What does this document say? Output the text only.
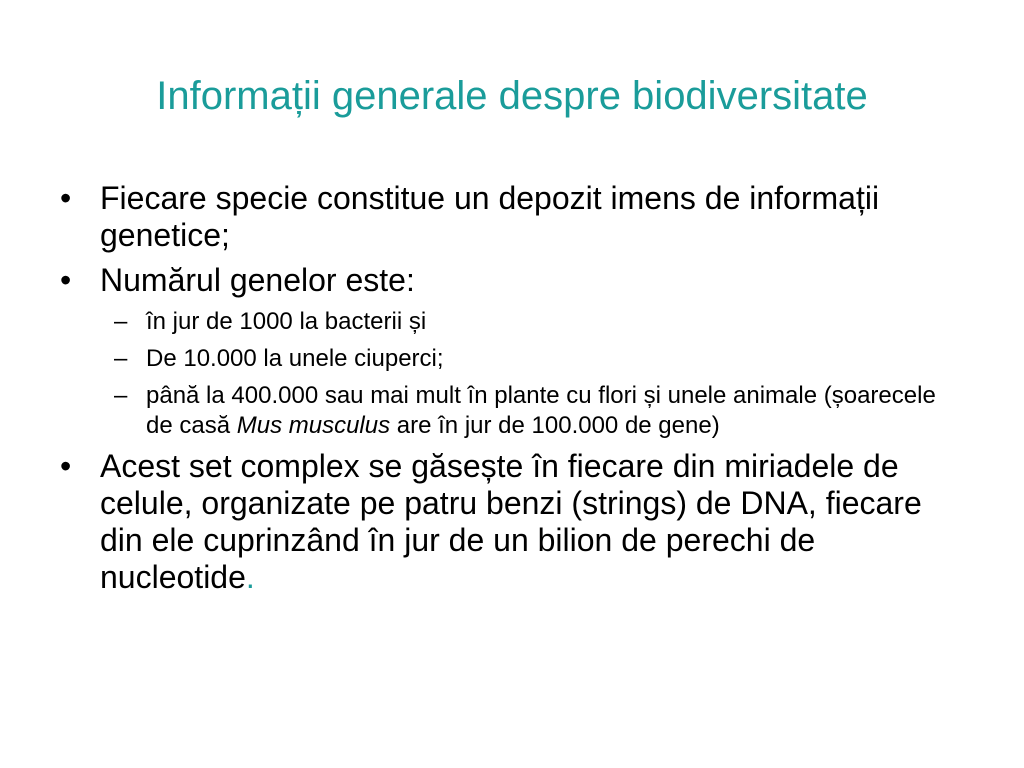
Informații generale despre biodiversitate
• Fiecare specie constitue un depozit imens de informații genetice;
• Numărul genelor este:
– în jur de 1000 la bacterii și
– De 10.000 la unele ciuperci;
– până la 400.000 sau mai mult în plante cu flori și unele animale (șoarecele de casă Mus musculus are în jur de 100.000 de gene)
• Acest set complex se găsește în fiecare din miriadele de celule, organizate pe patru benzi (strings) de DNA, fiecare din ele cuprinzând în jur de un bilion de perechi de nucleotide.
